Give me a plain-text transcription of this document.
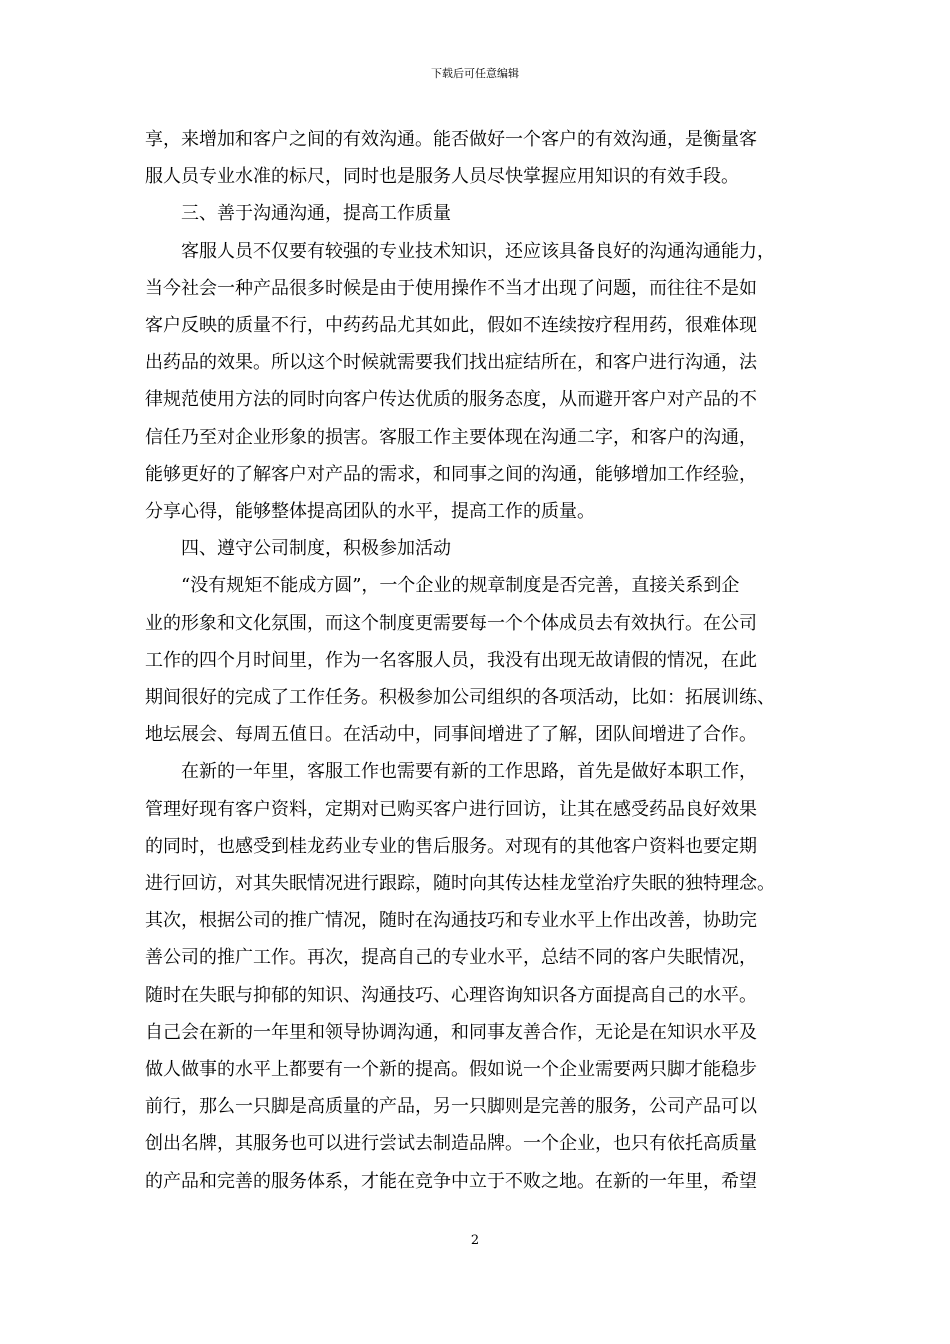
下载后可任意编辑

享，来增加和客户之间的有效沟通。能否做好一个客户的有效沟通，是衡量客

服人员专业水准的标尺，同时也是服务人员尽快掌握应用知识的有效手段。

三、善于沟通沟通，提高工作质量

客服人员不仅要有较强的专业技术知识，还应该具备良好的沟通沟通能力，

当今社会一种产品很多时候是由于使用操作不当才出现了问题，而往往不是如

客户反映的质量不行，中药药品尤其如此，假如不连续按疗程用药，很难体现

出药品的效果。所以这个时候就需要我们找出症结所在，和客户进行沟通，法

律规范使用方法的同时向客户传达优质的服务态度，从而避开客户对产品的不

信任乃至对企业形象的损害。客服工作主要体现在沟通二字，和客户的沟通，

能够更好的了解客户对产品的需求，和同事之间的沟通，能够增加工作经验，

分享心得，能够整体提高团队的水平，提高工作的质量。

四、遵守公司制度，积极参加活动

“没有规矩不能成方圆”，一个企业的规章制度是否完善，直接关系到企

业的形象和文化氛围，而这个制度更需要每一个个体成员去有效执行。在公司

工作的四个月时间里，作为一名客服人员，我没有出现无故请假的情况，在此

期间很好的完成了工作任务。积极参加公司组织的各项活动，比如：拓展训练、

地坛展会、每周五值日。在活动中，同事间增进了了解，团队间增进了合作。

在新的一年里，客服工作也需要有新的工作思路，首先是做好本职工作，

管理好现有客户资料，定期对已购买客户进行回访，让其在感受药品良好效果

的同时，也感受到桂龙药业专业的售后服务。对现有的其他客户资料也要定期

进行回访，对其失眠情况进行跟踪，随时向其传达桂龙堂治疗失眠的独特理念。

其次，根据公司的推广情况，随时在沟通技巧和专业水平上作出改善，协助完

善公司的推广工作。再次，提高自己的专业水平，总结不同的客户失眠情况，

随时在失眠与抑郁的知识、沟通技巧、心理咨询知识各方面提高自己的水平。

自己会在新的一年里和领导协调沟通，和同事友善合作，无论是在知识水平及

做人做事的水平上都要有一个新的提高。假如说一个企业需要两只脚才能稳步

前行，那么一只脚是高质量的产品，另一只脚则是完善的服务，公司产品可以

创出名牌，其服务也可以进行尝试去制造品牌。一个企业，也只有依托高质量

的产品和完善的服务体系，才能在竞争中立于不败之地。在新的一年里，希望

2
